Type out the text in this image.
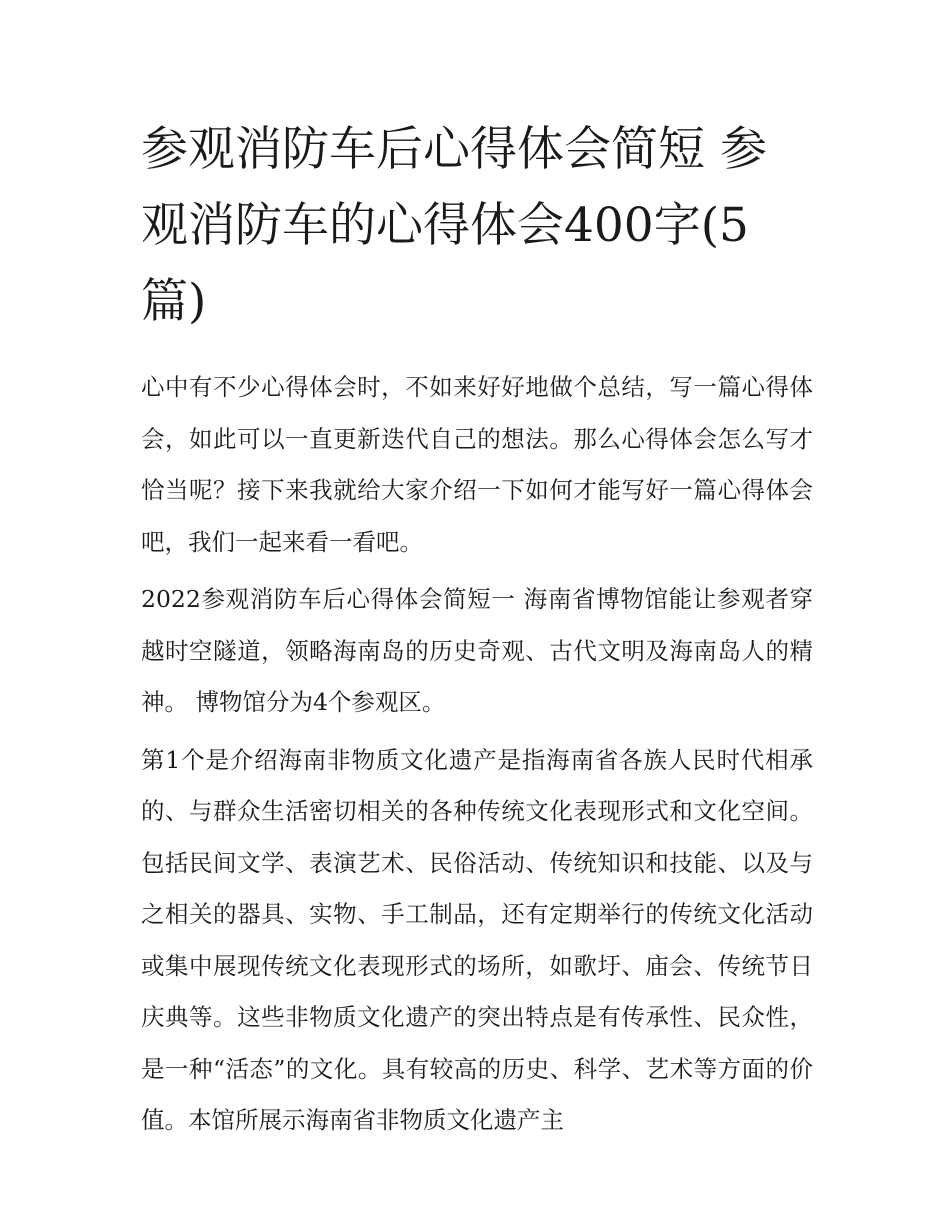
参观消防车后心得体会简短 参观消防车的心得体会400字(5篇)

心中有不少心得体会时，不如来好好地做个总结，写一篇心得体会，如此可以一直更新迭代自己的想法。那么心得体会怎么写才恰当呢？接下来我就给大家介绍一下如何才能写好一篇心得体会吧，我们一起来看一看吧。

2022参观消防车后心得体会简短一 海南省博物馆能让参观者穿越时空隧道，领略海南岛的历史奇观、古代文明及海南岛人的精神。 博物馆分为4个参观区。

第1个是介绍海南非物质文化遗产是指海南省各族人民时代相承的、与群众生活密切相关的各种传统文化表现形式和文化空间。包括民间文学、表演艺术、民俗活动、传统知识和技能、以及与之相关的器具、实物、手工制品，还有定期举行的传统文化活动或集中展现传统文化表现形式的场所，如歌圩、庙会、传统节日庆典等。这些非物质文化遗产的突出特点是有传承性、民众性，是一种“活态”的文化。具有较高的历史、科学、艺术等方面的价值。本馆所展示海南省非物质文化遗产主
